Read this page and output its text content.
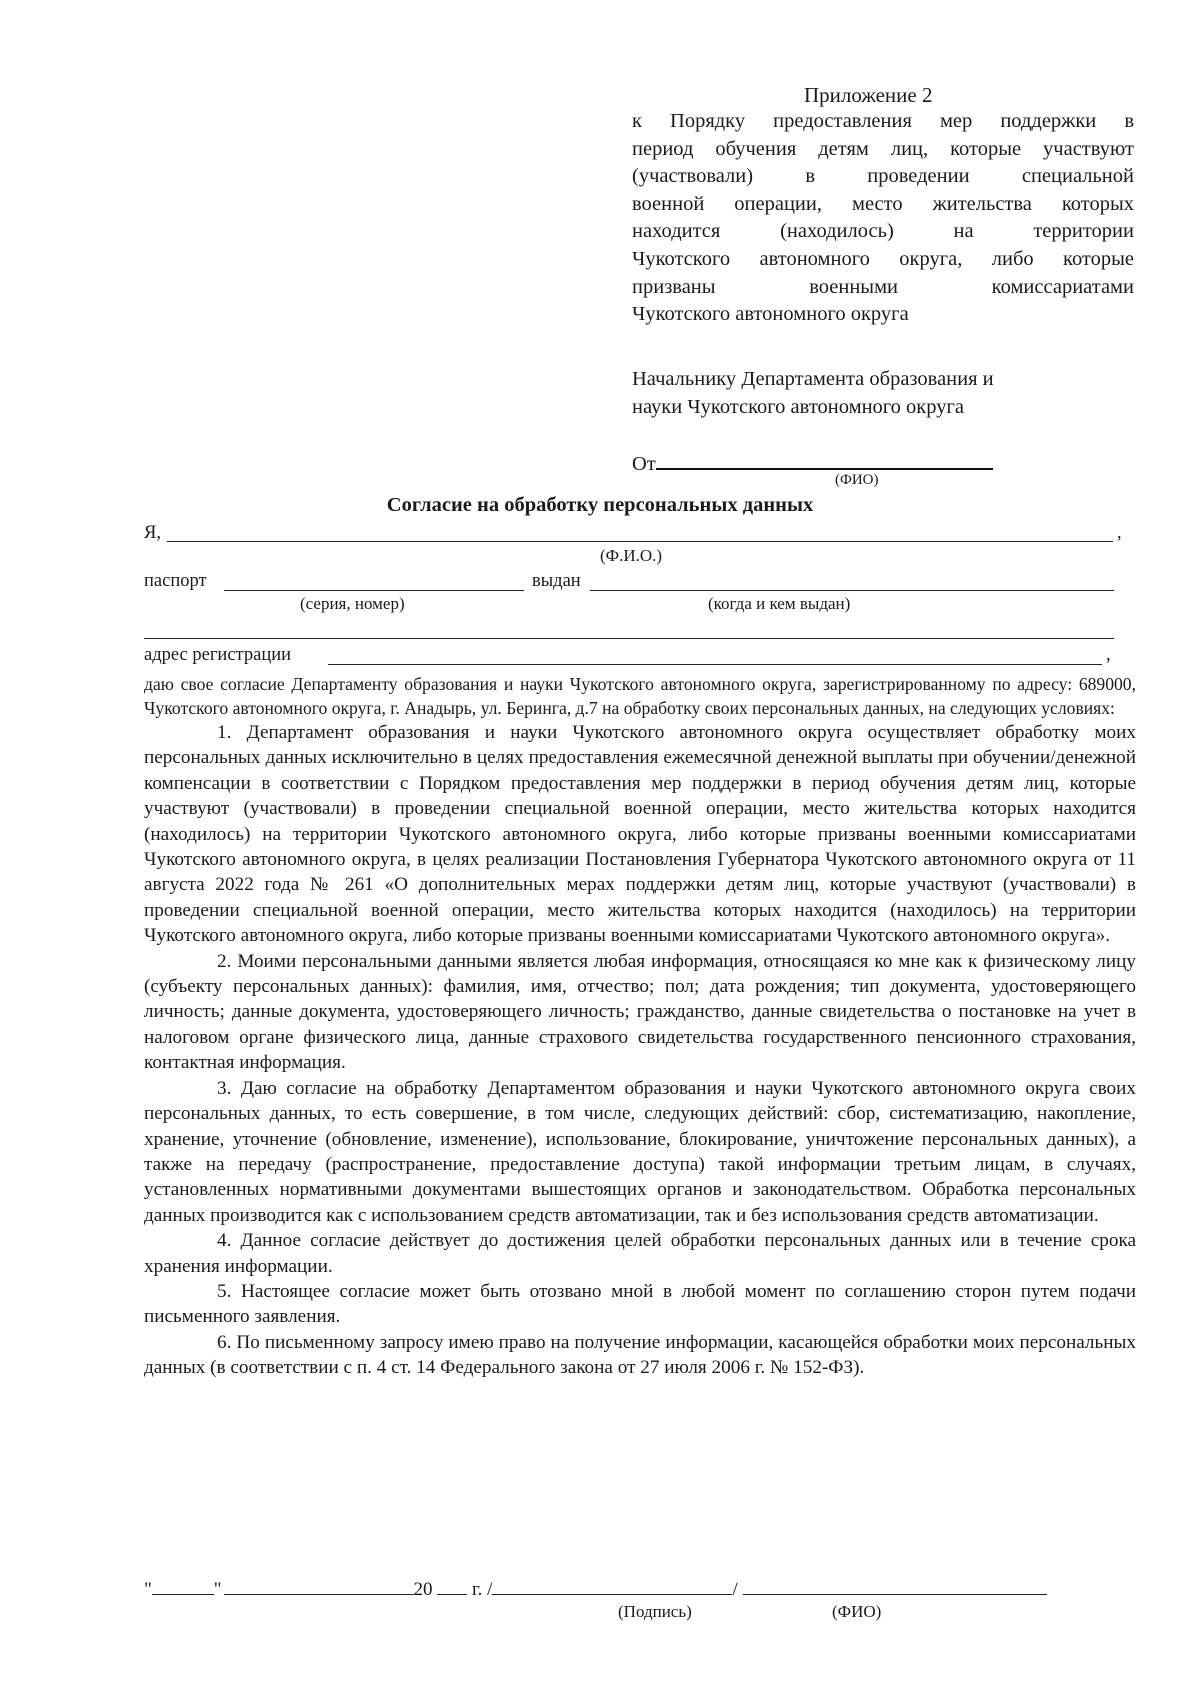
Приложение 2
к Порядку предоставления мер поддержки в
период обучения детям лиц, которые участвуют
(участвовали) в проведении специальной
военной операции, место жительства которых
находится (находилось) на территории
Чукотского автономного округа, либо которые
призваны военными комиссариатами
Чукотского автономного округа
Начальнику Департамента образования и
науки Чукотского автономного округа
От
(ФИО)
Согласие на обработку персональных данных
Я,	,
(Ф.И.О.)
паспорт	выдан
(серия, номер)	(когда и кем выдан)
адрес регистрации	,

даю свое согласие Департаменту образования и науки Чукотского автономного округа, зарегистрированному по адресу: 689000, Чукотского автономного округа, г. Анадырь, ул. Беринга, д.7 на обработку своих персональных данных, на следующих условиях:

1. Департамент образования и науки Чукотского автономного округа осуществляет обработку моих персональных данных исключительно в целях предоставления ежемесячной денежной выплаты при обучении/денежной компенсации в соответствии с Порядком предоставления мер поддержки в период обучения детям лиц, которые участвуют (участвовали) в проведении специальной военной операции, место жительства которых находится (находилось) на территории Чукотского автономного округа, либо которые призваны военными комиссариатами Чукотского автономного округа, в целях реализации Постановления Губернатора Чукотского автономного округа от 11 августа 2022 года № 261 «О дополнительных мерах поддержки детям лиц, которые участвуют (участвовали) в проведении специальной военной операции, место жительства которых находится (находилось) на территории Чукотского автономного округа, либо которые призваны военными комиссариатами Чукотского автономного округа».

2. Моими персональными данными является любая информация, относящаяся ко мне как к физическому лицу (субъекту персональных данных): фамилия, имя, отчество; пол; дата рождения; тип документа, удостоверяющего личность; данные документа, удостоверяющего личность; гражданство, данные свидетельства о постановке на учет в налоговом органе физического лица, данные страхового свидетельства государственного пенсионного страхования, контактная информация.

3. Даю согласие на обработку Департаментом образования и науки Чукотского автономного округа своих персональных данных, то есть совершение, в том числе, следующих действий: сбор, систематизацию, накопление, хранение, уточнение (обновление, изменение), использование, блокирование, уничтожение персональных данных), а также на передачу (распространение, предоставление доступа) такой информации третьим лицам, в случаях, установленных нормативными документами вышестоящих органов и законодательством. Обработка персональных данных производится как с использованием средств автоматизации, так и без использования средств автоматизации.

4. Данное согласие действует до достижения целей обработки персональных данных или в течение срока хранения информации.

5. Настоящее согласие может быть отозвано мной в любой момент по соглашению сторон путем подачи письменного заявления.

6. По письменному запросу имею право на получение информации, касающейся обработки моих персональных данных (в соответствии с п. 4 ст. 14 Федерального закона от 27 июля 2006 г. № 152-ФЗ).

"	"	20 г. /	/
(Подпись)	(ФИО)
